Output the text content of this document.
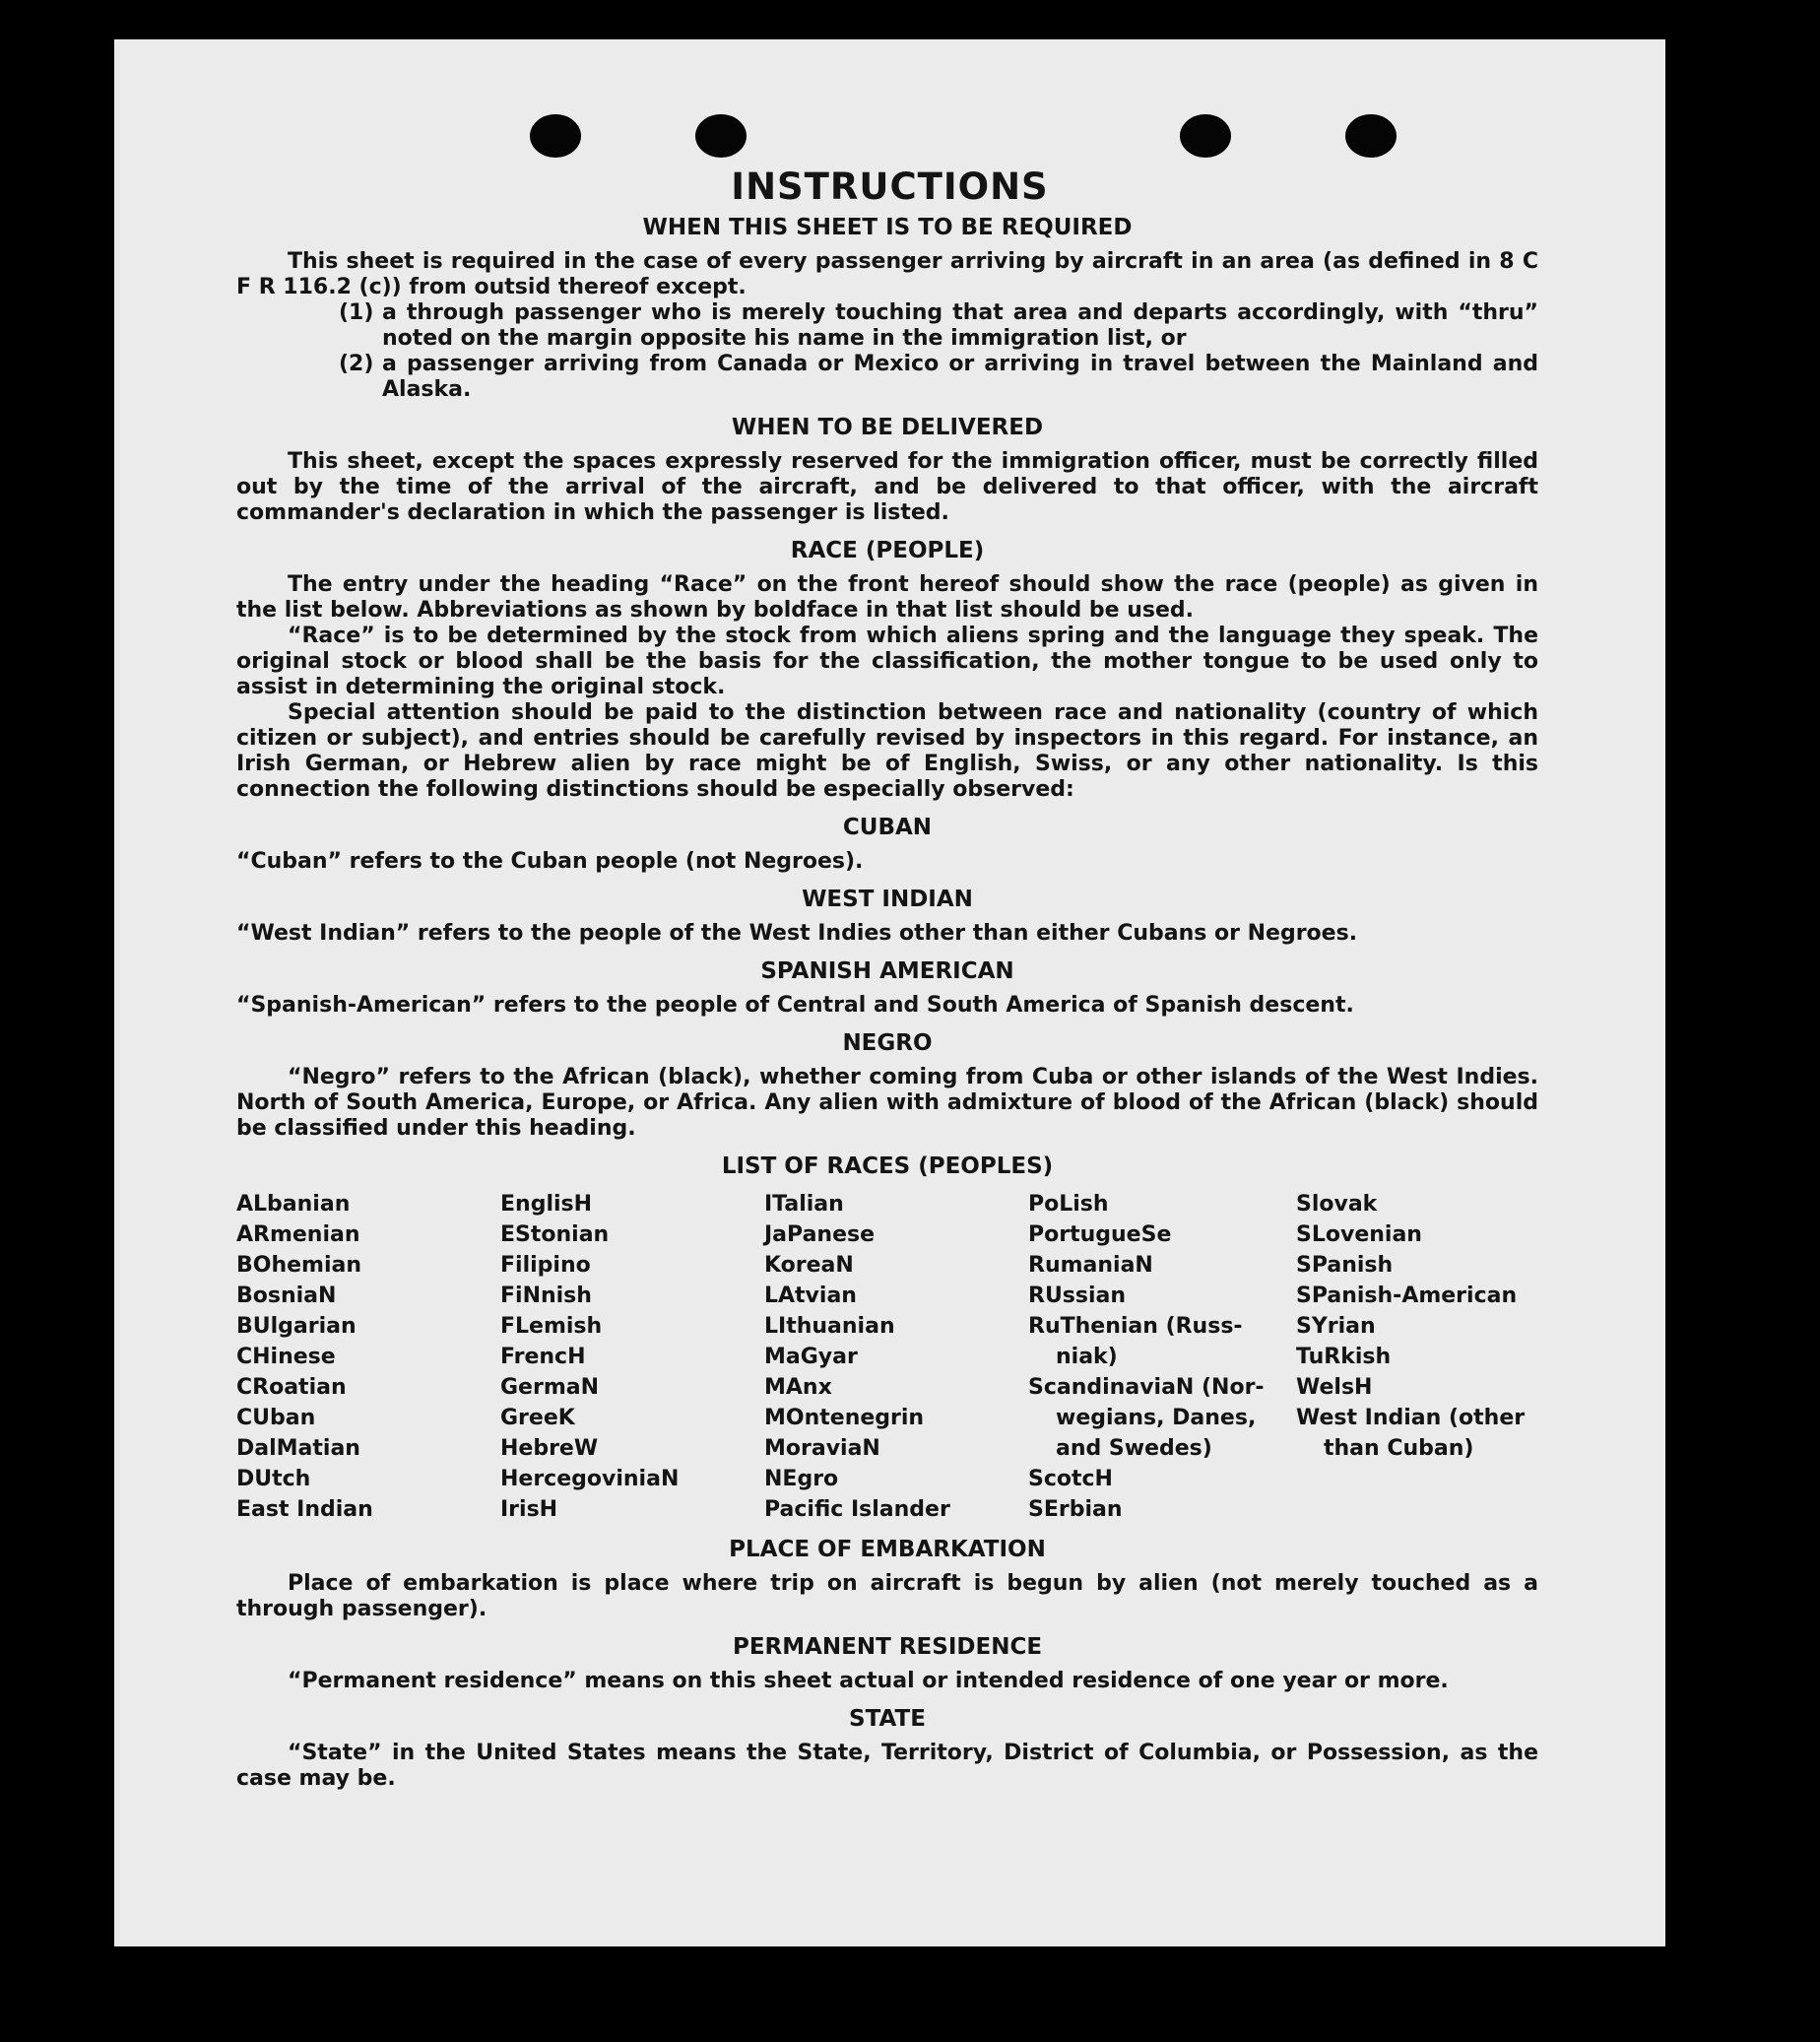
INSTRUCTIONS

WHEN THIS SHEET IS TO BE REQUIRED

This sheet is required in the case of every passenger arriving by aircraft in an area (as defined in 8 C F R 116.2 (c)) from outsid thereof except.

(1) a through passenger who is merely touching that area and departs accordingly, with “thru” noted on the margin opposite his name in the immigration list, or

(2) a passenger arriving from Canada or Mexico or arriving in travel between the Mainland and Alaska.

WHEN TO BE DELIVERED

This sheet, except the spaces expressly reserved for the immigration officer, must be correctly filled out by the time of the arrival of the aircraft, and be delivered to that officer, with the aircraft commander's declaration in which the passenger is listed.

RACE (PEOPLE)

The entry under the heading “Race” on the front hereof should show the race (people) as given in the list below. Abbreviations as shown by boldface in that list should be used.

“Race” is to be determined by the stock from which aliens spring and the language they speak. The original stock or blood shall be the basis for the classification, the mother tongue to be used only to assist in determining the original stock.

Special attention should be paid to the distinction between race and nationality (country of which citizen or subject), and entries should be carefully revised by inspectors in this regard. For instance, an Irish German, or Hebrew alien by race might be of English, Swiss, or any other nationality. Is this connection the following distinctions should be especially observed:

CUBAN

“Cuban” refers to the Cuban people (not Negroes).

WEST INDIAN

“West Indian” refers to the people of the West Indies other than either Cubans or Negroes.

SPANISH AMERICAN

“Spanish-American” refers to the people of Central and South America of Spanish descent.

NEGRO

“Negro” refers to the African (black), whether coming from Cuba or other islands of the West Indies. North of South America, Europe, or Africa. Any alien with admixture of blood of the African (black) should be classified under this heading.

LIST OF RACES (PEOPLES)

ALbanian
ARmenian
BOhemian
BosniaN
BUlgarian
CHinese
CRoatian
CUban
DalMatian
DUtch
East Indian
EnglisH
EStonian
Filipino
FiNnish
FLemish
FrencH
GermaN
GreeK
HebreW
HercegoviniaN
IrisH
ITalian
JaPanese
KoreaN
LAtvian
LIthuanian
MaGyar
MAnx
MOntenegrin
MoraviaN
NEgro
Pacific Islander
PoLish
PortugueSe
RumaniaN
RUssian
RuThenian (Russ-
niak)
ScandinaviaN (Nor-
wegians, Danes,
and Swedes)
ScotcH
SErbian
Slovak
SLovenian
SPanish
SPanish-American
SYrian
TuRkish
WelsH
West Indian (other
than Cuban)

PLACE OF EMBARKATION

Place of embarkation is place where trip on aircraft is begun by alien (not merely touched as a through passenger).

PERMANENT RESIDENCE

“Permanent residence” means on this sheet actual or intended residence of one year or more.

STATE

“State” in the United States means the State, Territory, District of Columbia, or Possession, as the case may be.
